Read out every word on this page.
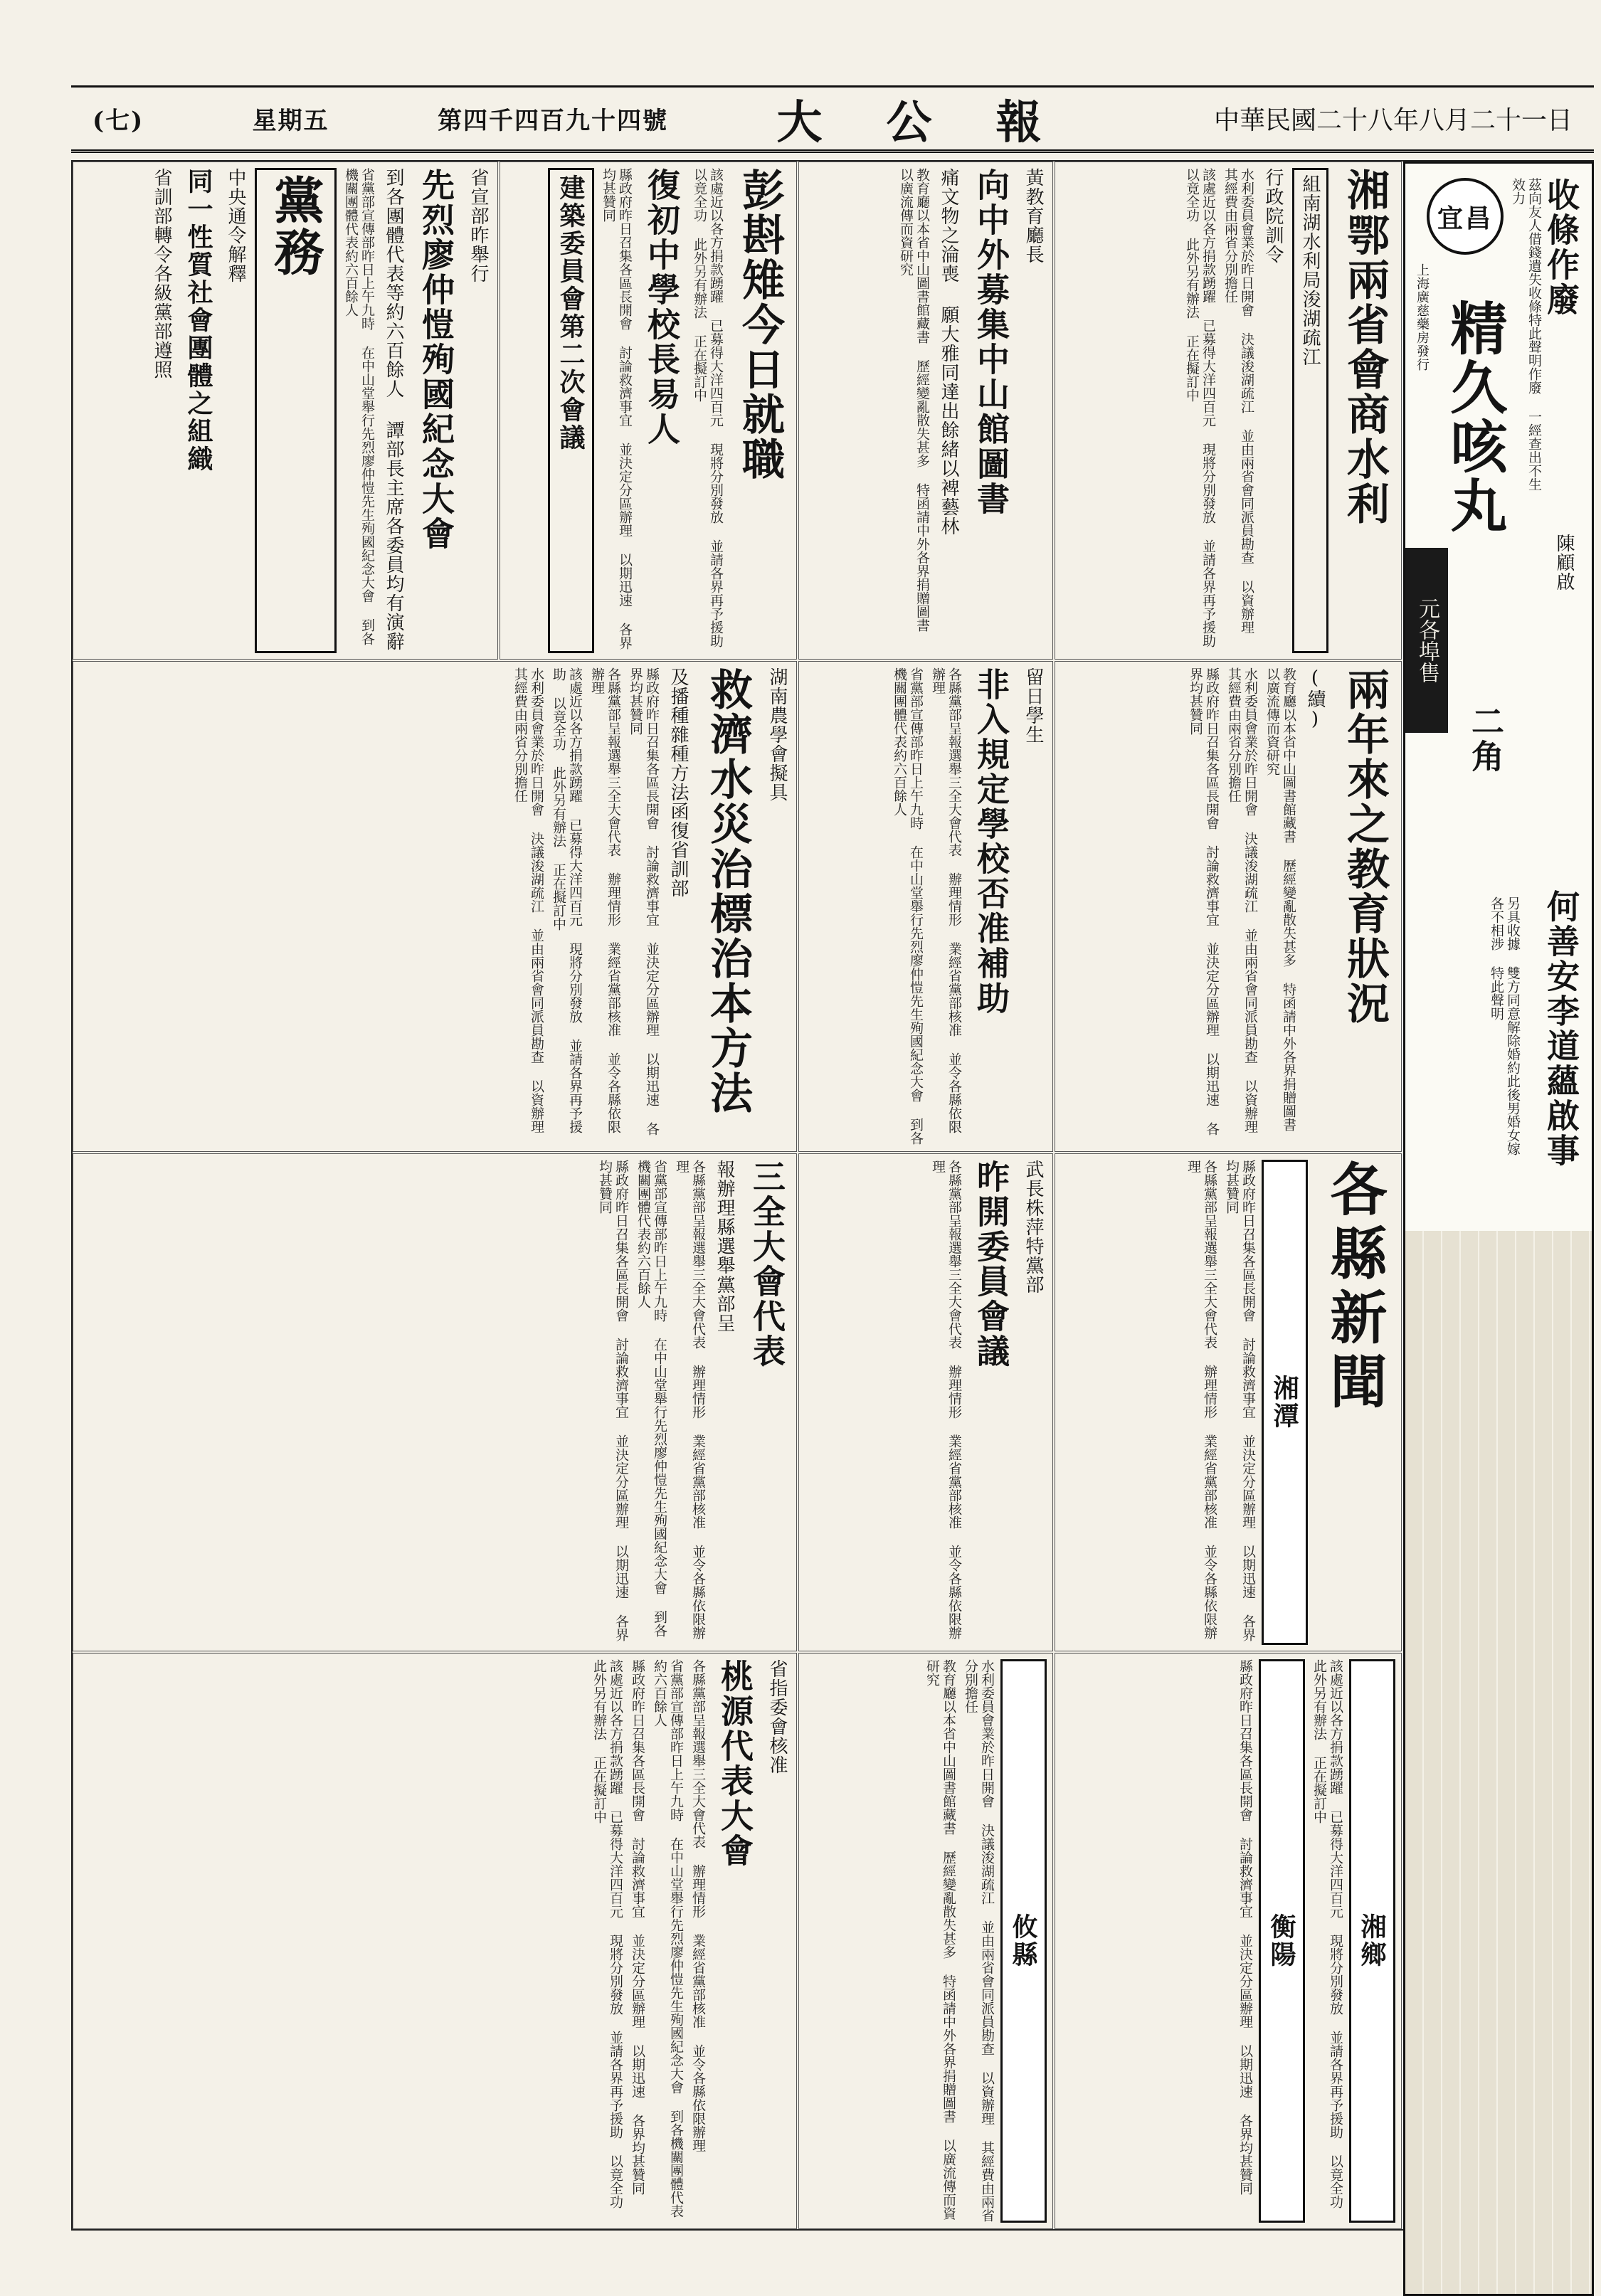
(七)	星期五	第四千四百九十四號 大公報	中華民國二十八年八月二十一日
收條作廢
茲向友人借錢遺失收條特此聲明作廢 一經查出不生效力
宜昌
精久咳丸
上海廣慈藥房發行
元各埠售
二角
陳顧啟
何善安李道蘊啟事
另具收據 雙方同意解除婚約此後男婚女嫁各不相涉 特此聲明
湘鄂兩省會商水利
組南湖水利局浚湖疏江
行政院訓令
水利委員會業於昨日開會 決議浚湖疏江 並由兩省會同派員勘查 以資辦理 其經費由兩省分別擔任
該處近以各方捐款踴躍 已募得大洋四百元 現將分別發放 並請各界再予援助 以竟全功 此外另有辦法 正在擬訂中
黃教育廳長
向中外募集中山館圖書
痛文物之淪喪 願大雅同達出餘緒以裨藝林
教育廳以本省中山圖書館藏書 歷經變亂散失甚多 特函請中外各界捐贈圖書 以廣流傳而資研究
彭斟雉今日就職
該處近以各方捐款踴躍 已募得大洋四百元 現將分別發放 並請各界再予援助 以竟全功 此外另有辦法 正在擬訂中
復初中學校長易人
縣政府昨日召集各區長開會 討論救濟事宜 並決定分區辦理 以期迅速 各界均甚贊同
建築委員會第二次會議
省宣部昨舉行
先烈廖仲愷殉國紀念大會
到各團體代表等約六百餘人 譚部長主席各委員均有演辭
省黨部宣傳部昨日上午九時 在中山堂舉行先烈廖仲愷先生殉國紀念大會 到各機關團體代表約六百餘人
黨務
中央通令解釋
同一性質社會團體之組織
省訓部轉令各級黨部遵照
兩年來之教育狀況
(續)
教育廳以本省中山圖書館藏書 歷經變亂散失甚多 特函請中外各界捐贈圖書 以廣流傳而資研究
水利委員會業於昨日開會 決議浚湖疏江 並由兩省會同派員勘查 以資辦理 其經費由兩省分別擔任
縣政府昨日召集各區長開會 討論救濟事宜 並決定分區辦理 以期迅速 各界均甚贊同
留日學生
非入規定學校否准補助
各縣黨部呈報選舉三全大會代表 辦理情形 業經省黨部核准 並令各縣依限辦理
省黨部宣傳部昨日上午九時 在中山堂舉行先烈廖仲愷先生殉國紀念大會 到各機關團體代表約六百餘人
湖南農學會擬具
救濟水災治標治本方法
及播種雜種方法函復省訓部
縣政府昨日召集各區長開會 討論救濟事宜 並決定分區辦理 以期迅速 各界均甚贊同
各縣黨部呈報選舉三全大會代表 辦理情形 業經省黨部核准 並令各縣依限辦理
該處近以各方捐款踴躍 已募得大洋四百元 現將分別發放 並請各界再予援助 以竟全功 此外另有辦法 正在擬訂中
水利委員會業於昨日開會 決議浚湖疏江 並由兩省會同派員勘查 以資辦理 其經費由兩省分別擔任
各縣新聞
湘潭
縣政府昨日召集各區長開會 討論救濟事宜 並決定分區辦理 以期迅速 各界均甚贊同
各縣黨部呈報選舉三全大會代表 辦理情形 業經省黨部核准 並令各縣依限辦理
武長株萍特黨部
昨開委員會議
各縣黨部呈報選舉三全大會代表 辦理情形 業經省黨部核准 並令各縣依限辦理
三全大會代表
報辦理縣選舉黨部呈
各縣黨部呈報選舉三全大會代表 辦理情形 業經省黨部核准 並令各縣依限辦理
省黨部宣傳部昨日上午九時 在中山堂舉行先烈廖仲愷先生殉國紀念大會 到各機關團體代表約六百餘人
縣政府昨日召集各區長開會 討論救濟事宜 並決定分區辦理 以期迅速 各界均甚贊同
湘鄉
該處近以各方捐款踴躍 已募得大洋四百元 現將分別發放 並請各界再予援助 以竟全功 此外另有辦法 正在擬訂中
衡陽
縣政府昨日召集各區長開會 討論救濟事宜 並決定分區辦理 以期迅速 各界均甚贊同
攸縣
水利委員會業於昨日開會 決議浚湖疏江 並由兩省會同派員勘查 以資辦理 其經費由兩省分別擔任
教育廳以本省中山圖書館藏書 歷經變亂散失甚多 特函請中外各界捐贈圖書 以廣流傳而資研究
省指委會核准
桃源代表大會
各縣黨部呈報選舉三全大會代表 辦理情形 業經省黨部核准 並令各縣依限辦理
省黨部宣傳部昨日上午九時 在中山堂舉行先烈廖仲愷先生殉國紀念大會 到各機關團體代表約六百餘人
縣政府昨日召集各區長開會 討論救濟事宜 並決定分區辦理 以期迅速 各界均甚贊同
該處近以各方捐款踴躍 已募得大洋四百元 現將分別發放 並請各界再予援助 以竟全功 此外另有辦法 正在擬訂中
